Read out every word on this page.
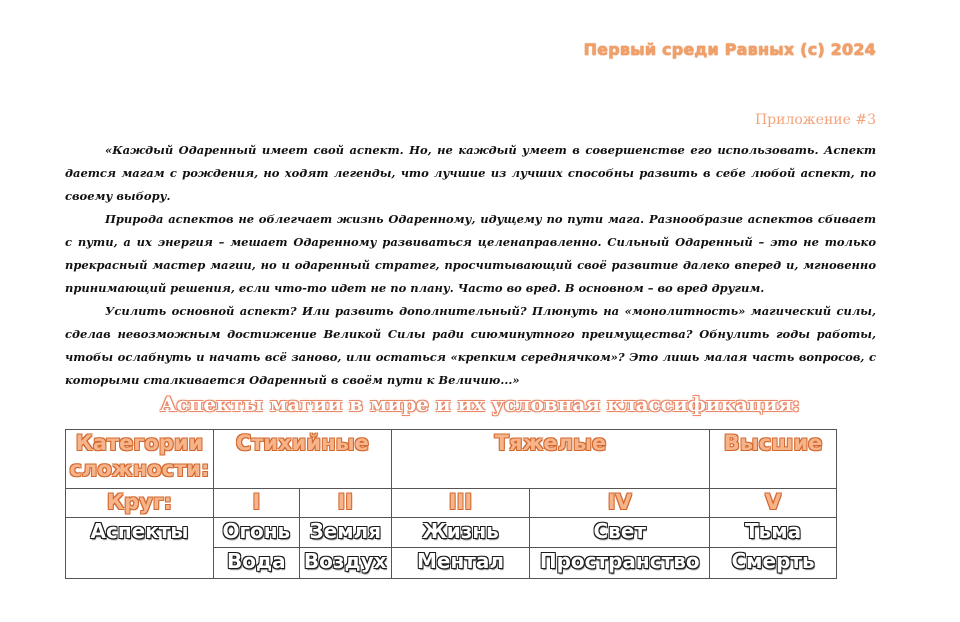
Первый среди Равных (с) 2024
Приложение #3

«Каждый Одаренный имеет свой аспект. Но, не каждый умеет в совершенстве его использовать. Аспект дается магам с рождения, но ходят легенды, что лучшие из лучших способны развить в себе любой аспект, по своему выбору.

Природа аспектов не облегчает жизнь Одаренному, идущему по пути мага. Разнообразие аспектов сбивает с пути, а их энергия – мешает Одаренному развиваться целенаправленно. Сильный Одаренный – это не только прекрасный мастер магии, но и одаренный стратег, просчитывающий своё развитие далеко вперед и, мгновенно принимающий решения, если что-то идет не по плану. Часто во вред. В основном – во вред другим.

Усилить основной аспект? Или развить дополнительный? Плюнуть на «монолитность» магический силы, сделав невозможным достижение Великой Силы ради сиюминутного преимущества? Обнулить годы работы, чтобы ослабнуть и начать всё заново, или остаться «крепким середнячком»? Это лишь малая часть вопросов, с которыми сталкивается Одаренный в своём пути к Величию...»

Аспекты магии в мире и их условная классификация:
Категории сложности:	Стихийные		Тяжелые		Высшие
Круг:	I	II	III	IV	V
Аспекты	Огонь	Земля	Жизнь	Свет	Тьма
	Вода	Воздух	Ментал	Пространство	Смерть
